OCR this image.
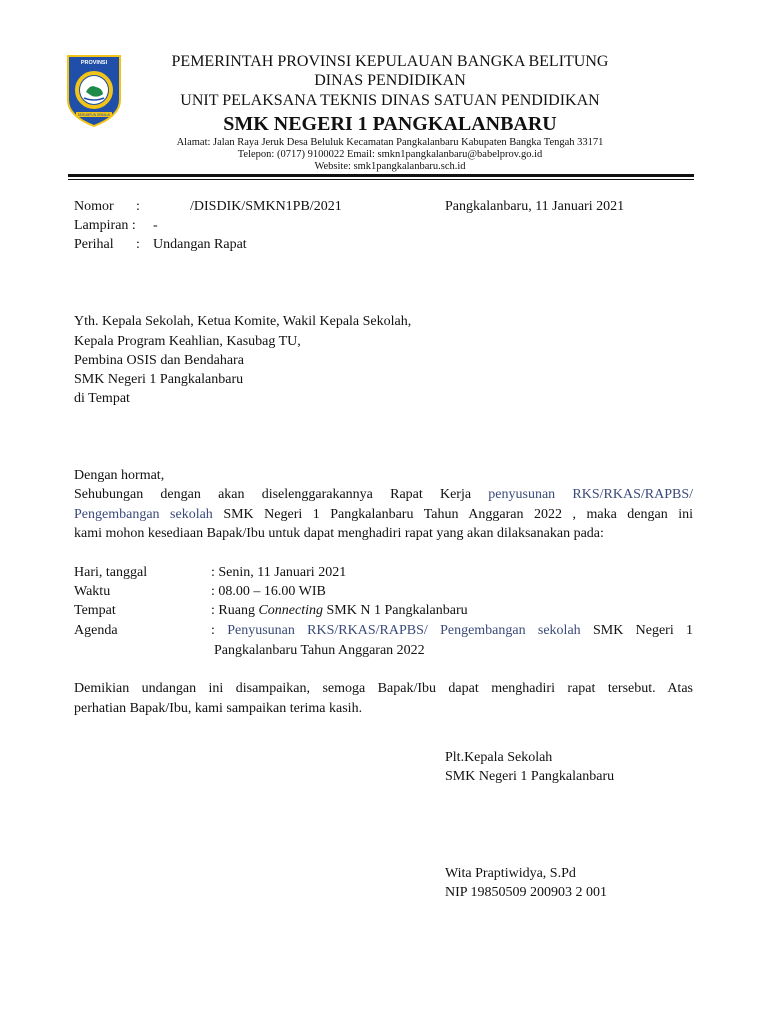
PROVINSI
SERUMPUN SEBALAI
PEMERINTAH PROVINSI KEPULAUAN BANGKA BELITUNG
DINAS PENDIDIKAN
UNIT PELAKSANA TEKNIS DINAS SATUAN PENDIDIKAN
SMK NEGERI 1 PANGKALANBARU
Alamat: Jalan Raya Jeruk Desa Beluluk Kecamatan Pangkalanbaru Kabupaten Bangka Tengah 33171
Telepon: (0717) 9100022 Email: smkn1pangkalanbaru@babelprov.go.id
Website: smk1pangkalanbaru.sch.id
Nomor :	/DISDIK/SMKN1PB/2021	Pangkalanbaru, 11 Januari 2021
Lampiran : -
Perihal : Undangan Rapat
Yth. Kepala Sekolah, Ketua Komite, Wakil Kepala Sekolah,
Kepala Program Keahlian, Kasubag TU,
Pembina OSIS dan Bendahara
SMK Negeri 1 Pangkalanbaru
di Tempat
Dengan hormat,
Sehubungan dengan akan diselenggarakannya Rapat Kerja penyusunan RKS/RKAS/RAPBS/
Pengembangan sekolah SMK Negeri 1 Pangkalanbaru Tahun Anggaran 2022 , maka dengan ini
kami mohon kesediaan Bapak/Ibu untuk dapat menghadiri rapat yang akan dilaksanakan pada:
Hari, tanggal	: Senin, 11 Januari 2021
Waktu	: 08.00 – 16.00 WIB
Tempat	: Ruang Connecting SMK N 1 Pangkalanbaru
Agenda	: Penyusunan RKS/RKAS/RAPBS/ Pengembangan sekolah SMK Negeri 1
Pangkalanbaru Tahun Anggaran 2022
Demikian undangan ini disampaikan, semoga Bapak/Ibu dapat menghadiri rapat tersebut. Atas
perhatian Bapak/Ibu, kami sampaikan terima kasih.
Plt.Kepala Sekolah
SMK Negeri 1 Pangkalanbaru
Wita Praptiwidya, S.Pd
NIP 19850509 200903 2 001
